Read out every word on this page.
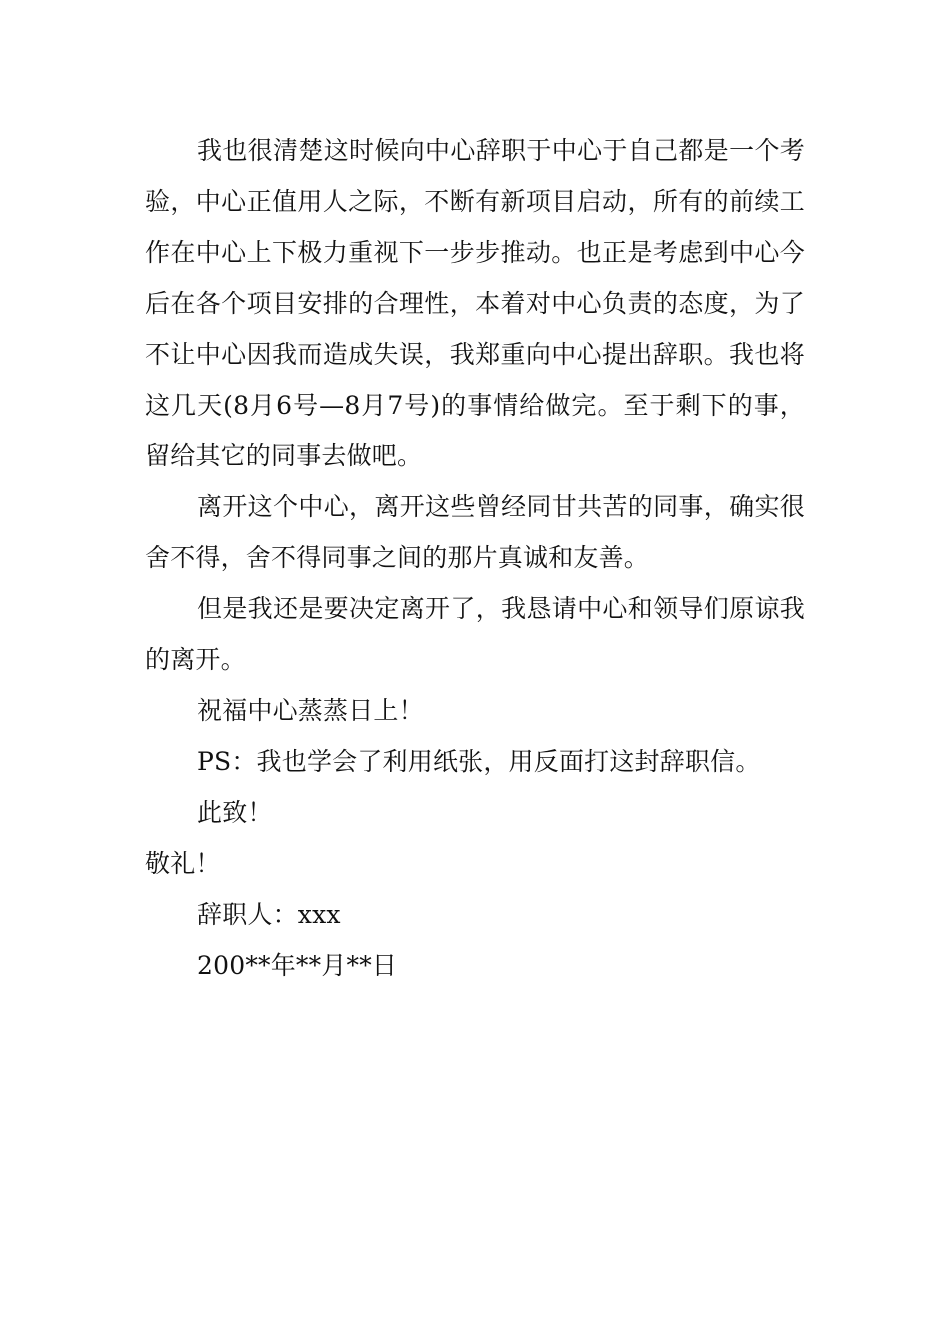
我也很清楚这时候向中心辞职于中心于自己都是一个考验，中心正值用人之际，不断有新项目启动，所有的前续工作在中心上下极力重视下一步步推动。也正是考虑到中心今后在各个项目安排的合理性，本着对中心负责的态度，为了不让中心因我而造成失误，我郑重向中心提出辞职。我也将这几天(8月6号—8月7号)的事情给做完。至于剩下的事，留给其它的同事去做吧。

离开这个中心，离开这些曾经同甘共苦的同事，确实很舍不得，舍不得同事之间的那片真诚和友善。

但是我还是要决定离开了，我恳请中心和领导们原谅我的离开。

祝福中心蒸蒸日上！

PS：我也学会了利用纸张，用反面打这封辞职信。

此致！

敬礼！

辞职人：xxx

200**年**月**日
